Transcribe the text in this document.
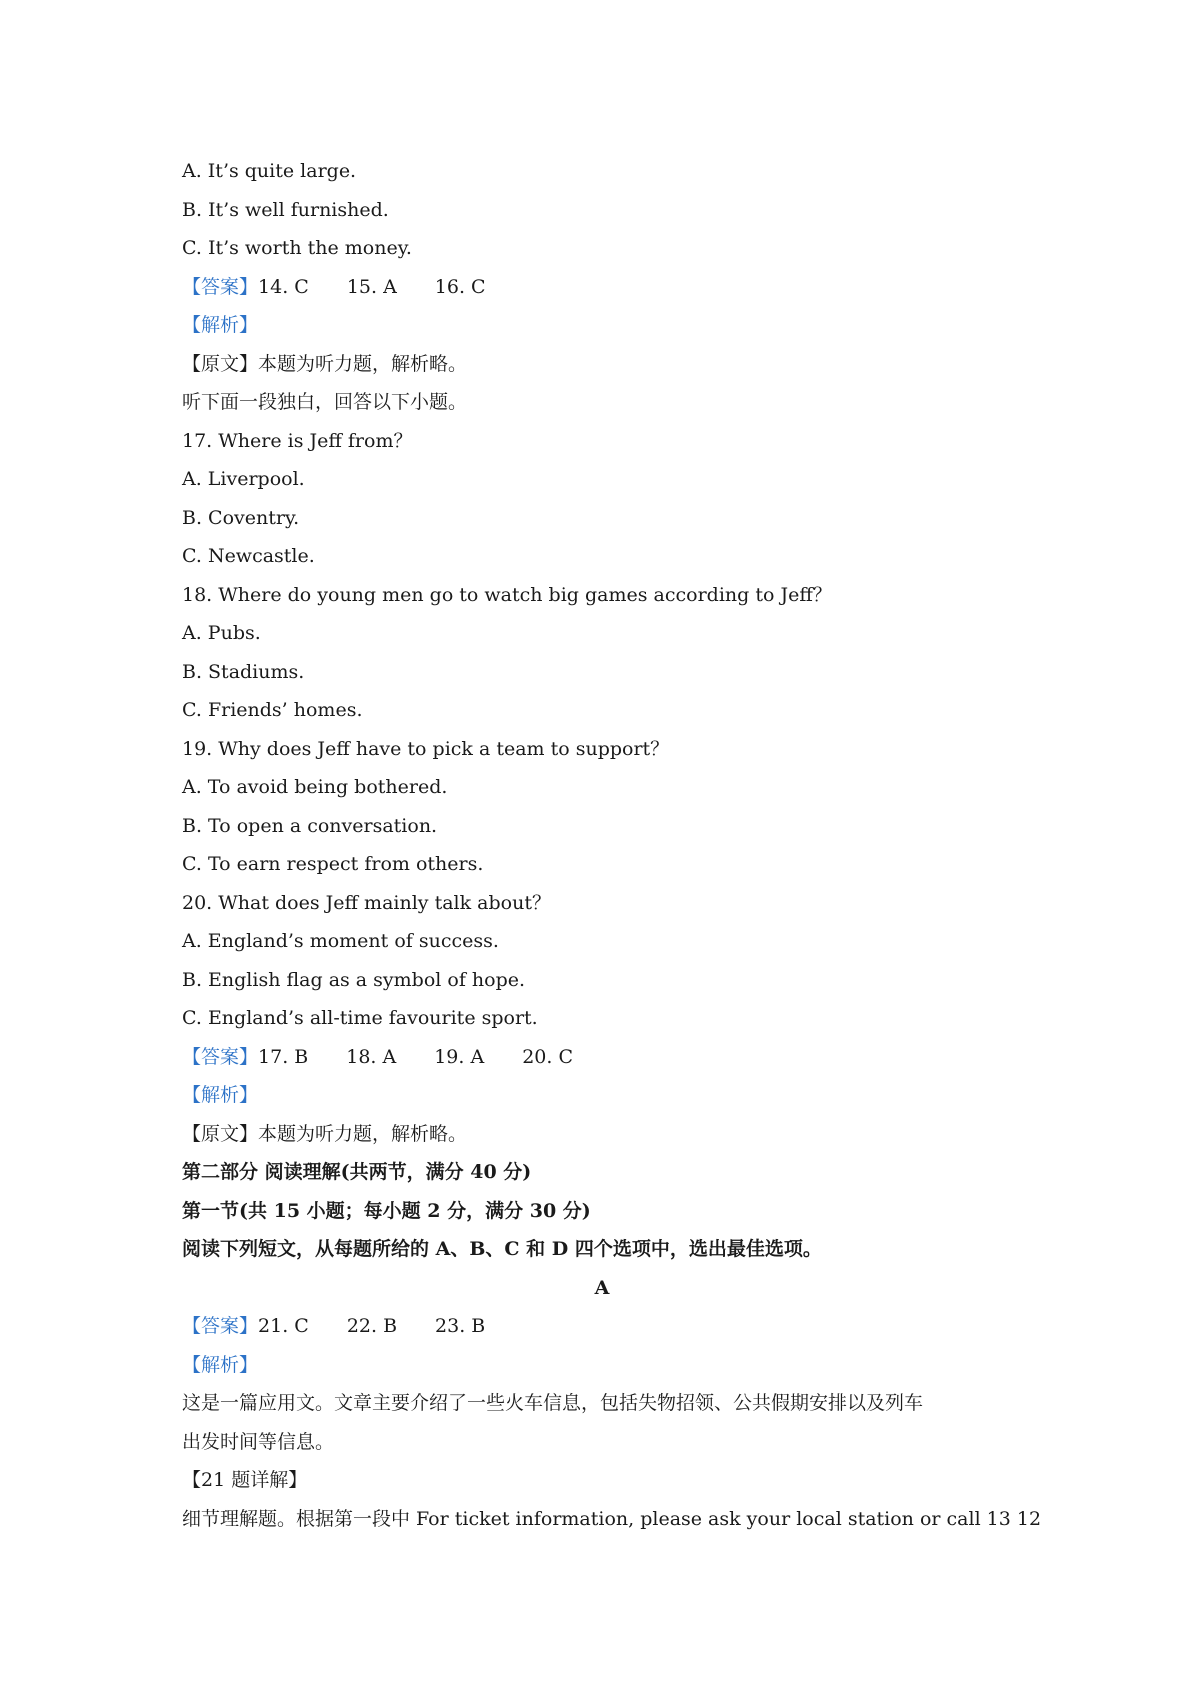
A. It’s quite large.
B. It’s well furnished.
C. It’s worth the money.
【答案】14. C 15. A 16. C
【解析】
【原文】本题为听力题，解析略。
听下面一段独白，回答以下小题。
17. Where is Jeff from？
A. Liverpool.
B. Coventry.
C. Newcastle.
18. Where do young men go to watch big games according to Jeff？
A. Pubs.
B. Stadiums.
C. Friends’ homes.
19. Why does Jeff have to pick a team to support？
A. To avoid being bothered.
B. To open a conversation.
C. To earn respect from others.
20. What does Jeff mainly talk about？
A. England’s moment of success.
B. English flag as a symbol of hope.
C. England’s all-time favourite sport.
【答案】17. B 18. A 19. A 20. C
【解析】
【原文】本题为听力题，解析略。
第二部分 阅读理解(共两节，满分 40 分)
第一节(共 15 小题；每小题 2 分，满分 30 分)
阅读下列短文，从每题所给的 A、B、C 和 D 四个选项中，选出最佳选项。
A
【答案】21. C 22. B 23. B
【解析】
这是一篇应用文。文章主要介绍了一些火车信息，包括失物招领、公共假期安排以及列车
出发时间等信息。
【21 题详解】
细节理解题。根据第一段中 For ticket information, please ask your local station or call 13 12
